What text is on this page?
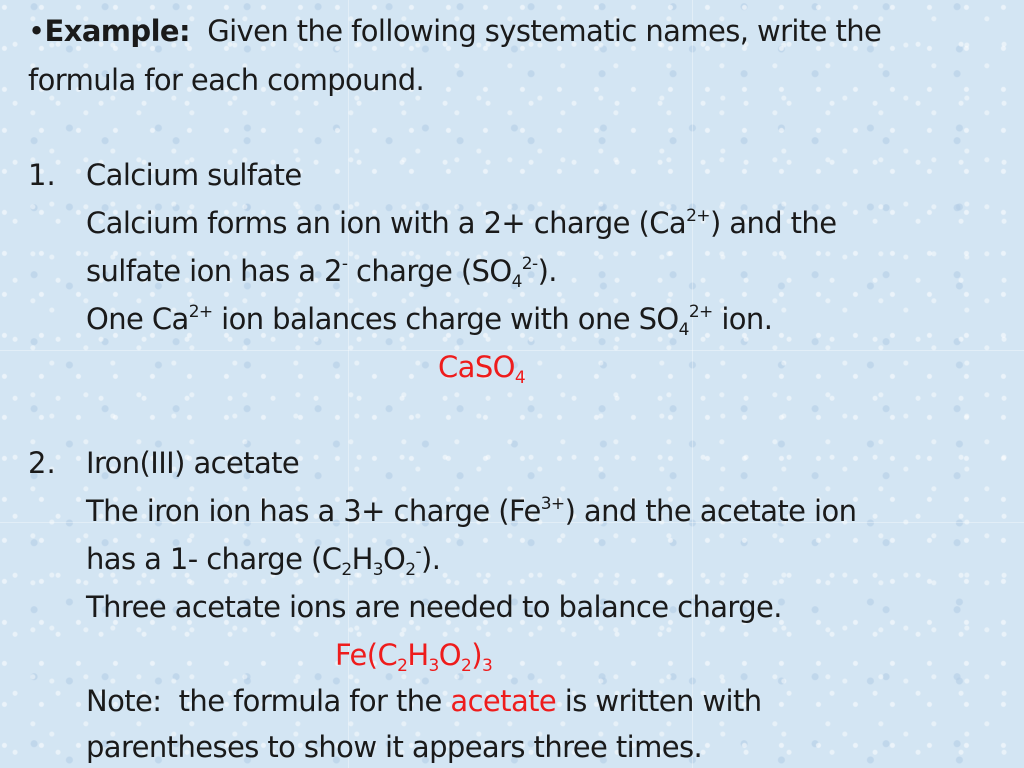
•Example:  Given the following systematic names, write the
formula for each compound.
1. Calcium sulfate
Calcium forms an ion with a 2+ charge $(Ca^{2+})$ and the
sulfate ion has a 2- charge $(SO_4^{2-})$.
One $Ca^{2+}$ ion balances charge with one $SO_4^{2+}$ ion.
CaSO$_4$
2. Iron(III) acetate
The iron ion has a 3+ charge $(Fe^{3+})$ and the acetate ion
has a 1- charge $(C_2H_3O_2^-)$.
Three acetate ions are needed to balance charge.
$Fe(C_2H_3O_2)_3$
Note:  the formula for the acetate is written with
parentheses to show it appears three times.
